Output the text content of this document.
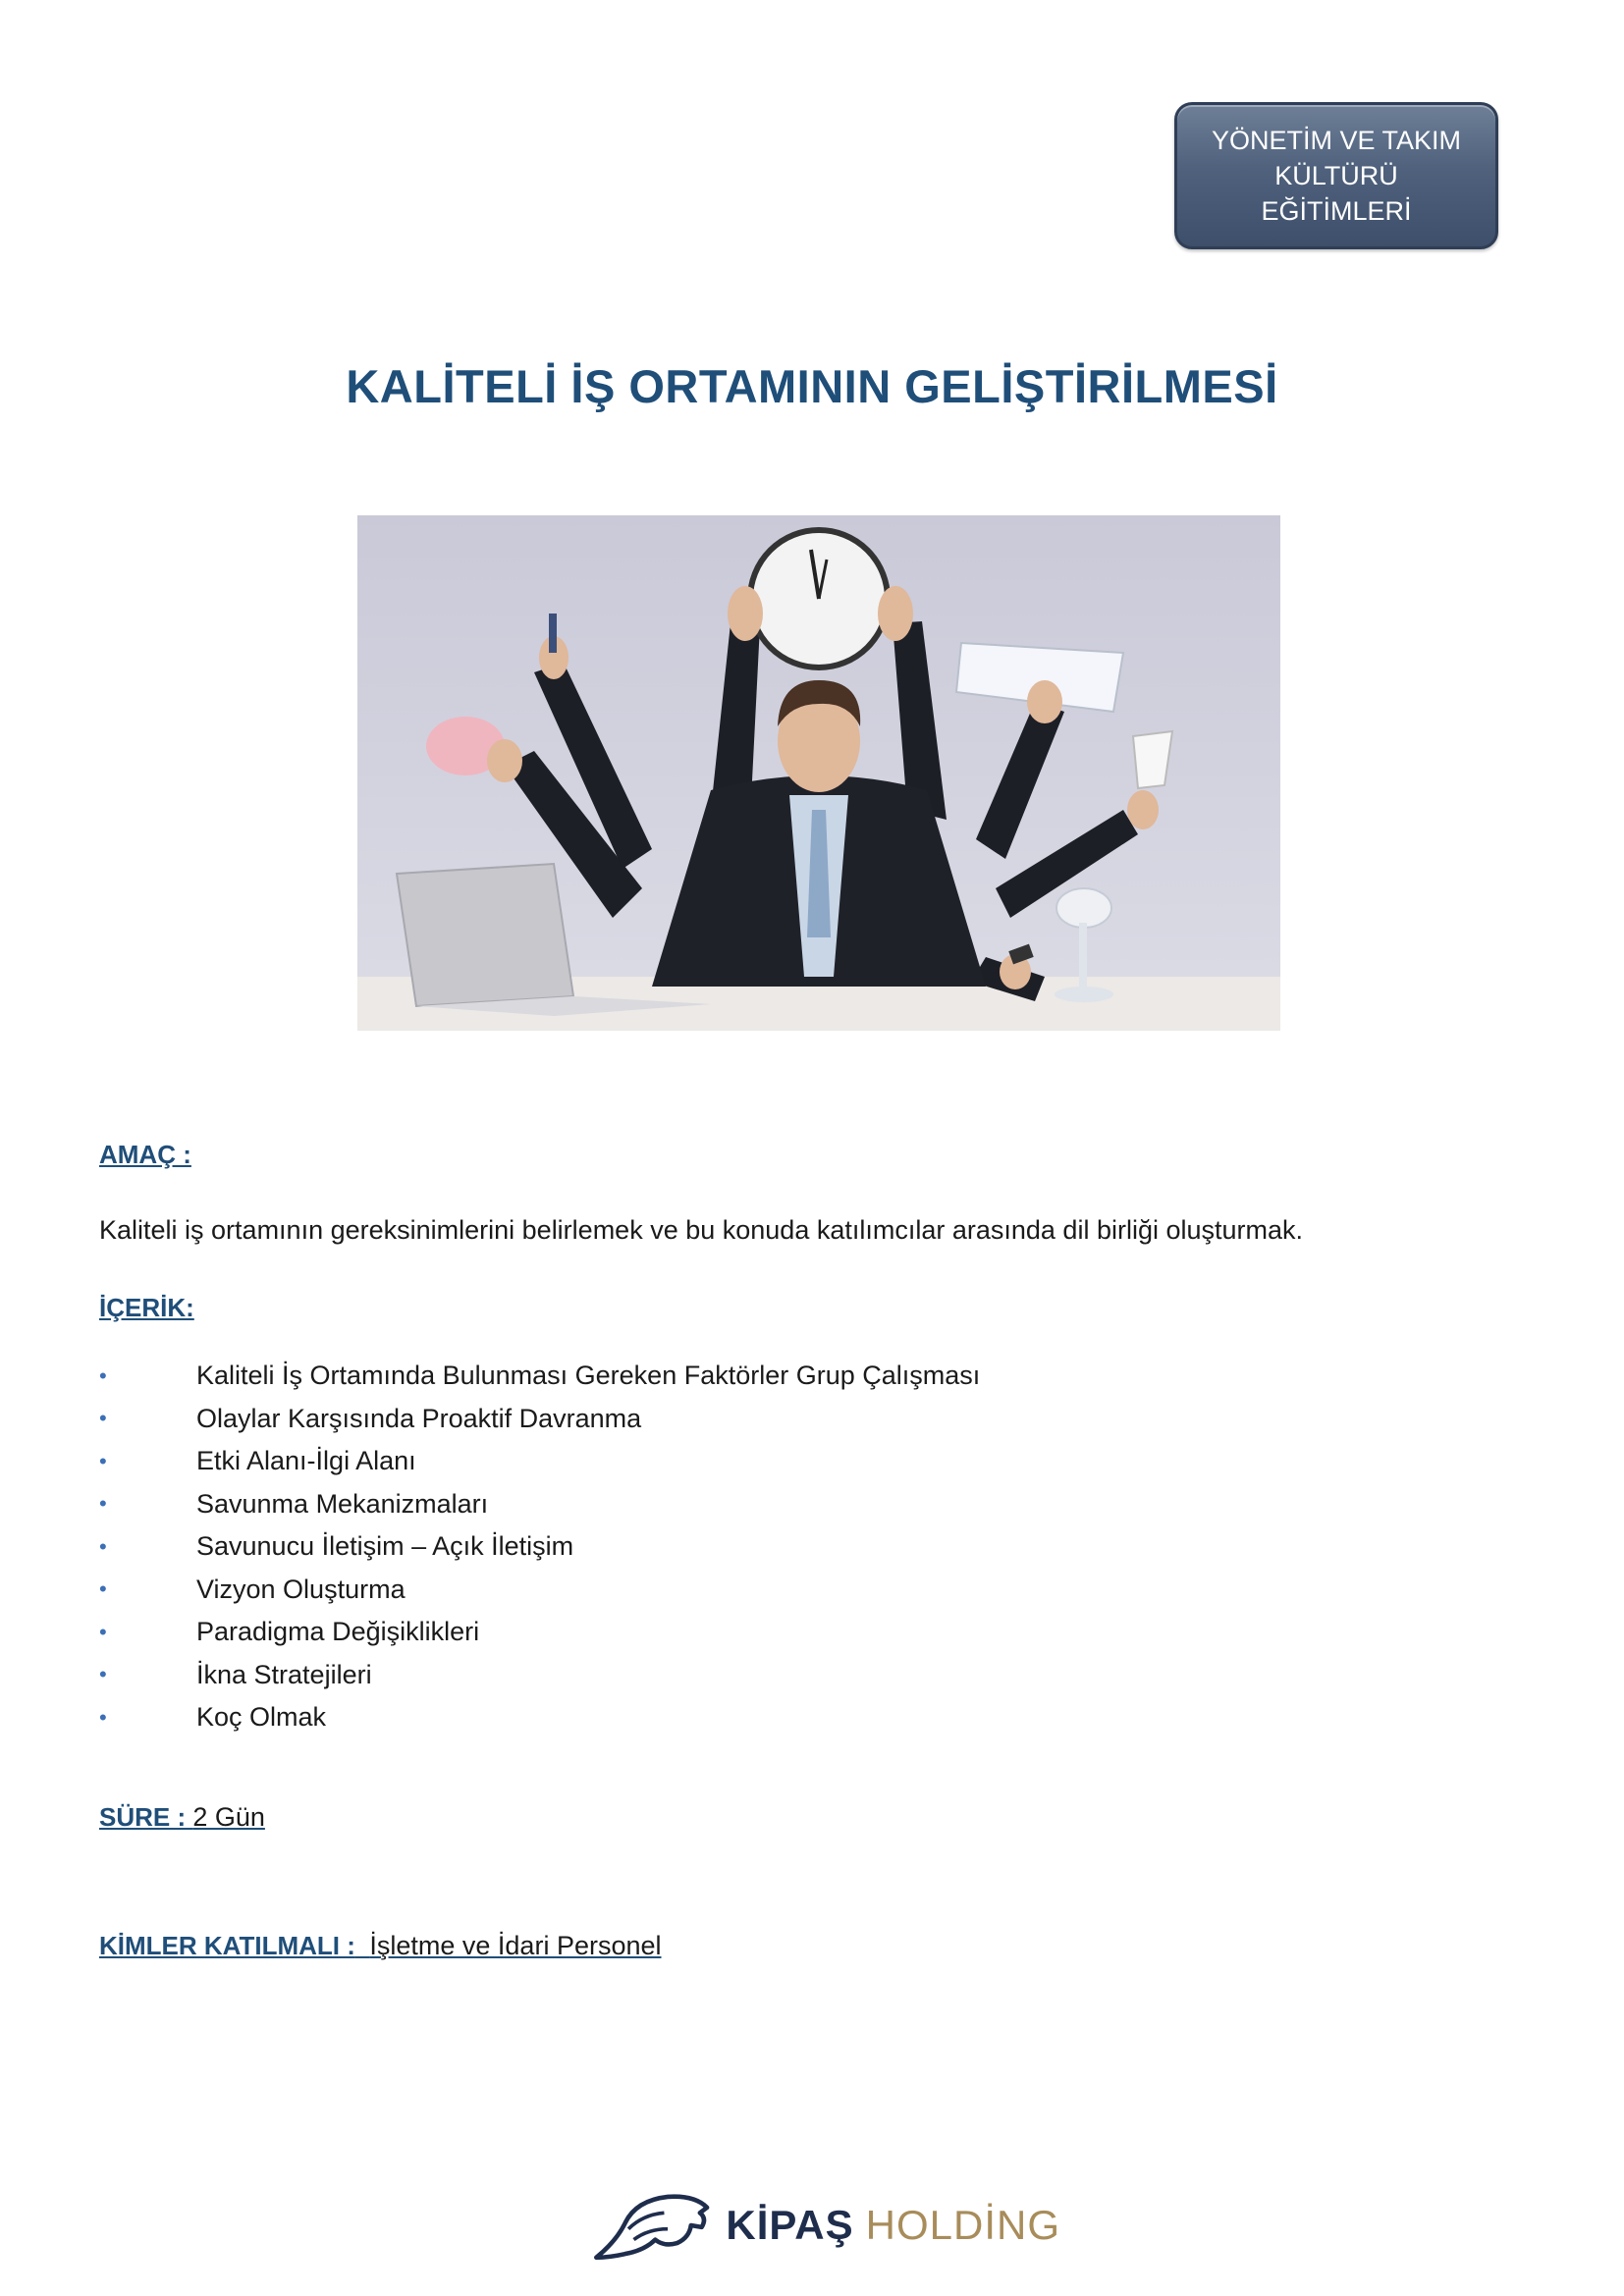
YÖNETİM VE TAKIM
KÜLTÜRÜ
EĞİTİMLERİ
KALİTELİ İŞ ORTAMININ GELİŞTİRİLMESİ
AMAÇ :
Kaliteli iş ortamının gereksinimlerini belirlemek ve bu konuda katılımcılar arasında dil birliği oluşturmak.
İÇERİK:
•	Kaliteli İş Ortamında Bulunması Gereken Faktörler Grup Çalışması
•	Olaylar Karşısında Proaktif Davranma
•	Etki Alanı-İlgi Alanı
•	Savunma Mekanizmaları
•	Savunucu İletişim – Açık İletişim
•	Vizyon Oluşturma
•	Paradigma Değişiklikleri
•	İkna Stratejileri
•	Koç Olmak
SÜRE : 2 Gün
KİMLER KATILMALI : İşletme ve İdari Personel
KİPAŞ HOLDİNG
